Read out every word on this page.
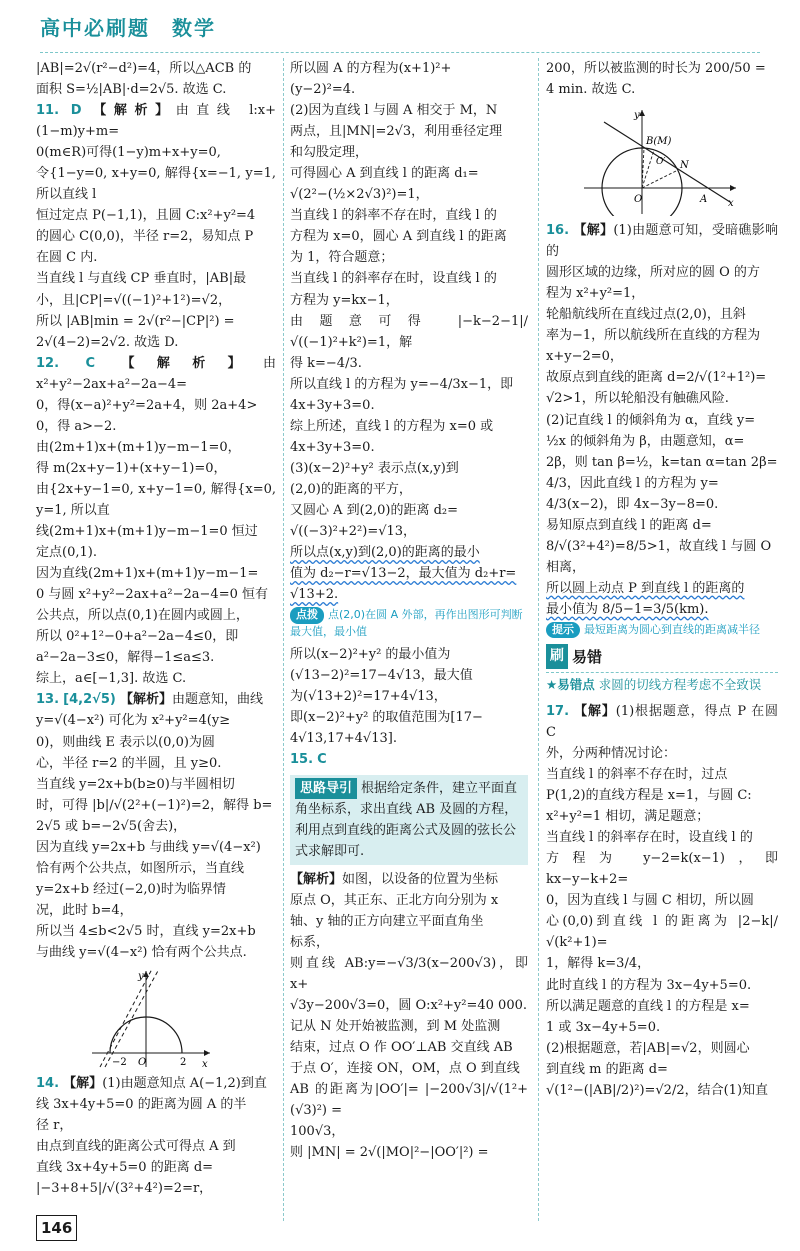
高中必刷题 数学

|AB|=2√(r²−d²)=4，所以△ACB 的

面积 S=½|AB|·d=2√5. 故选 C.

11. D 【解析】由直线 l:x+(1−m)y+m=

0(m∈R)可得(1−y)m+x+y=0,

令{1−y=0, x+y=0, 解得{x=−1, y=1, 所以直线 l

恒过定点 P(−1,1)，且圆 C:x²+y²=4

的圆心 C(0,0)，半径 r=2，易知点 P

在圆 C 内.

当直线 l 与直线 CP 垂直时，|AB|最

小，且|CP|=√((−1)²+1²)=√2，

所以 |AB|min = 2√(r²−|CP|²) =

2√(4−2)=2√2. 故选 D.

12. C 【解析】由 x²+y²−2ax+a²−2a−4=

0，得(x−a)²+y²=2a+4，则 2a+4>

0，得 a>−2.

由(2m+1)x+(m+1)y−m−1=0，

得 m(2x+y−1)+(x+y−1)=0，

由{2x+y−1=0, x+y−1=0, 解得{x=0, y=1, 所以直

线(2m+1)x+(m+1)y−m−1=0 恒过

定点(0,1).

因为直线(2m+1)x+(m+1)y−m−1=

0 与圆 x²+y²−2ax+a²−2a−4=0 恒有

公共点，所以点(0,1)在圆内或圆上，

所以 0²+1²−0+a²−2a−4≤0，即

a²−2a−3≤0，解得−1≤a≤3.

综上，a∈[−1,3]. 故选 C.

13. [4,2√5) 【解析】由题意知，曲线

y=√(4−x²) 可化为 x²+y²=4(y≥

0)，则曲线 E 表示以(0,0)为圆

心，半径 r=2 的半圆，且 y≥0.

当直线 y=2x+b(b≥0)与半圆相切

时，可得 |b|/√(2²+(−1)²)=2，解得 b=

2√5 或 b=−2√5(舍去)，

因为直线 y=2x+b 与曲线 y=√(4−x²)

恰有两个公共点，如图所示，当直线

y=2x+b 经过(−2,0)时为临界情

况，此时 b=4，

所以当 4≤b<2√5 时，直线 y=2x+b

与曲线 y=√(4−x²) 恰有两个公共点.

y
x
O
−2	2

14. 【解】(1)由题意知点 A(−1,2)到直

线 3x+4y+5=0 的距离为圆 A 的半

径 r，

由点到直线的距离公式可得点 A 到

直线 3x+4y+5=0 的距离 d=

|−3+8+5|/√(3²+4²)=2=r，

所以圆 A 的方程为(x+1)²+

(y−2)²=4.

(2)因为直线 l 与圆 A 相交于 M，N

两点，且|MN|=2√3，利用垂径定理

和勾股定理，

可得圆心 A 到直线 l 的距离 d₁=

√(2²−(½×2√3)²)=1，

当直线 l 的斜率不存在时，直线 l 的

方程为 x=0，圆心 A 到直线 l 的距离

为 1，符合题意；

当直线 l 的斜率存在时，设直线 l 的

方程为 y=kx−1，

由题意可得 |−k−2−1|/√((−1)²+k²)=1，解

得 k=−4/3.

所以直线 l 的方程为 y=−4/3x−1，即

4x+3y+3=0.

综上所述，直线 l 的方程为 x=0 或

4x+3y+3=0.

(3)(x−2)²+y² 表示点(x,y)到

(2,0)的距离的平方，

又圆心 A 到(2,0)的距离 d₂=

√((−3)²+2²)=√13，

所以点(x,y)到(2,0)的距离的最小

值为 d₂−r=√13−2，最大值为 d₂+r=

√13+2.

点拨 点(2,0)在圆 A 外部，再作出图形可判断最大值，最小值

所以(x−2)²+y² 的最小值为

(√13−2)²=17−4√13，最大值

为(√13+2)²=17+4√13，

即(x−2)²+y² 的取值范围为[17−

4√13,17+4√13].

15. C

思路导引 根据给定条件，建立平面直角坐标系，求出直线 AB 及圆的方程，利用点到直线的距离公式及圆的弦长公式求解即可.

【解析】如图，以设备的位置为坐标

原点 O，其正东、正北方向分别为 x

轴、y 轴的正方向建立平面直角坐

标系，

则直线 AB:y=−√3/3(x−200√3)，即 x+

√3y−200√3=0，圆 O:x²+y²=40 000.

记从 N 处开始被监测，到 M 处监测

结束，过点 O 作 OO′⊥AB 交直线 AB

于点 O′，连接 ON，OM，点 O 到直线

AB 的距离为|OO′|= |−200√3|/√(1²+(√3)²) =

100√3，

则 |MN| = 2√(|MO|²−|OO′|²) =

200，所以被监测的时长为 200/50 =

4 min. 故选 C.

y
x
O	A
B(M)
N
O′

16. 【解】(1)由题意可知，受暗礁影响的

圆形区域的边缘，所对应的圆 O 的方

程为 x²+y²=1，

轮船航线所在直线过点(2,0)，且斜

率为−1，所以航线所在直线的方程为

x+y−2=0，

故原点到直线的距离 d=2/√(1²+1²)=

√2>1，所以轮船没有触礁风险.

(2)记直线 l 的倾斜角为 α，直线 y=

½x 的倾斜角为 β，由题意知，α=

2β，则 tan β=½，k=tan α=tan 2β=

4/3，因此直线 l 的方程为 y=

4/3(x−2)，即 4x−3y−8=0.

易知原点到直线 l 的距离 d=

8/√(3²+4²)=8/5>1，故直线 l 与圆 O

相离，

所以圆上动点 P 到直线 l 的距离的

最小值为 8/5−1=3/5(km).

提示 最短距离为圆心到直线的距离减半径
刷 易错
★易错点 求圆的切线方程考虑不全致误

17. 【解】(1)根据题意，得点 P 在圆 C

外，分两种情况讨论：

当直线 l 的斜率不存在时，过点

P(1,2)的直线方程是 x=1，与圆 C:

x²+y²=1 相切，满足题意；

当直线 l 的斜率存在时，设直线 l 的

方程为 y−2=k(x−1)，即 kx−y−k+2=

0，因为直线 l 与圆 C 相切，所以圆

心(0,0)到直线 l 的距离为 |2−k|/√(k²+1)=

1，解得 k=3/4，

此时直线 l 的方程为 3x−4y+5=0.

所以满足题意的直线 l 的方程是 x=

1 或 3x−4y+5=0.

(2)根据题意，若|AB|=√2，则圆心

到直线 m 的距离 d=

√(1²−(|AB|/2)²)=√2/2，结合(1)知直

146
